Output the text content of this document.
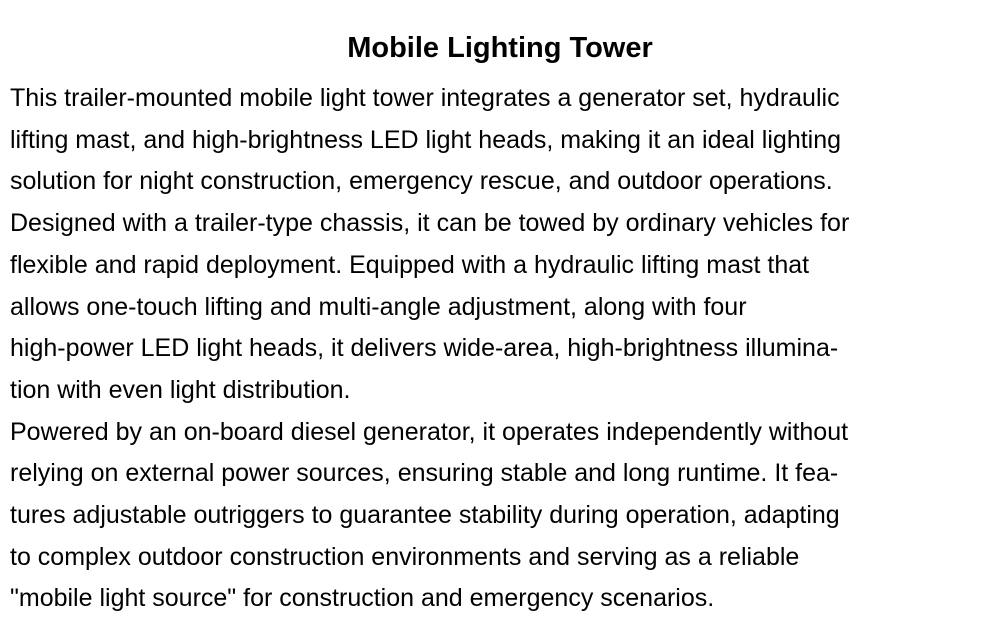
Mobile Lighting Tower
This trailer-mounted mobile light tower integrates a generator set, hydraulic
lifting mast, and high-brightness LED light heads, making it an ideal lighting
solution for night construction, emergency rescue, and outdoor operations.
Designed with a trailer-type chassis, it can be towed by ordinary vehicles for
flexible and rapid deployment. Equipped with a hydraulic lifting mast that
allows one-touch lifting and multi-angle adjustment, along with four
high-power LED light heads, it delivers wide-area, high-brightness illumina-
tion with even light distribution.
Powered by an on-board diesel generator, it operates independently without
relying on external power sources, ensuring stable and long runtime. It fea-
tures adjustable outriggers to guarantee stability during operation, adapting
to complex outdoor construction environments and serving as a reliable
"mobile light source" for construction and emergency scenarios.
